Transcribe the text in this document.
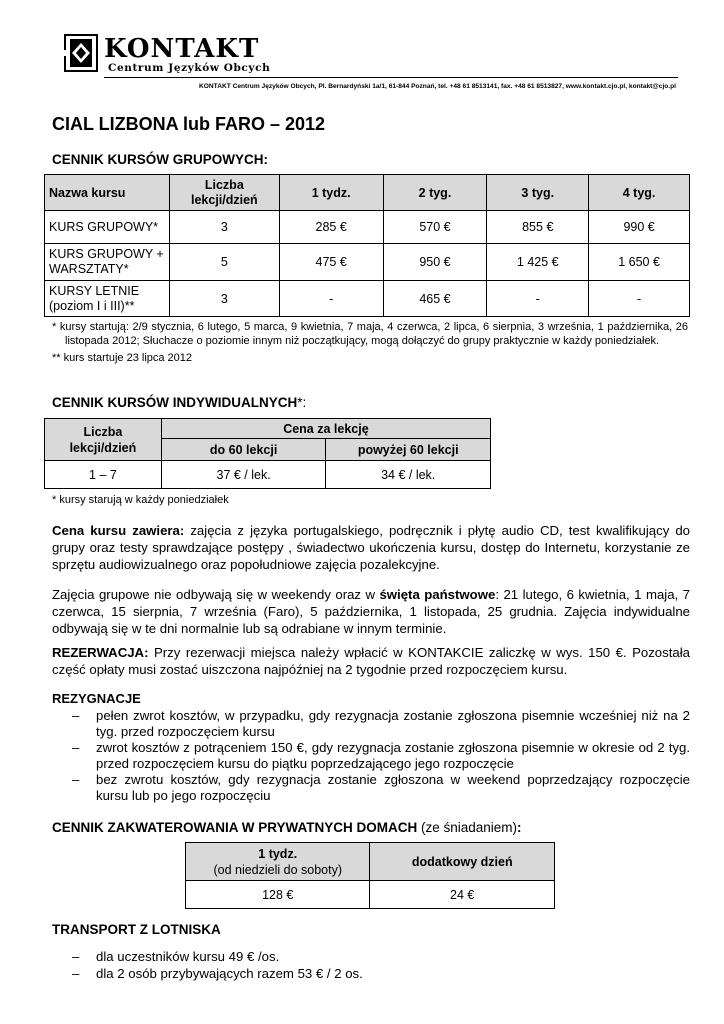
KONTAKT
Centrum Języków Obcych
KONTAKT Centrum Języków Obcych, Pl. Bernardyński 1a/1, 61-844 Poznań, tel. +48 61 8513141, fax. +48 61 8513827, www.kontakt.cjo.pl, kontakt@cjo.pl
CIAL LIZBONA lub FARO – 2012
CENNIK KURSÓW GRUPOWYCH:
Nazwa kursu	Liczba lekcji/dzień	1 tydz.	2 tyg.	3 tyg.	4 tyg.
KURS GRUPOWY*	3	285 €	570 €	855 €	990 €
KURS GRUPOWY + WARSZTATY*	5	475 €	950 €	1 425 €	1 650 €
KURSY LETNIE (poziom I i III)**	3	-	465 €	-	-
* kursy startują: 2/9 stycznia, 6 lutego, 5 marca, 9 kwietnia, 7 maja, 4 czerwca, 2 lipca, 6 sierpnia, 3 września, 1 października, 26 listopada 2012; Słuchacze o poziomie innym niż początkujący, mogą dołączyć do grupy praktycznie w każdy poniedziałek.
** kurs startuje 23 lipca 2012
CENNIK KURSÓW INDYWIDUALNYCH*:
Liczba lekcji/dzień	Cena za lekcję	
	do 60 lekcji	powyżej 60 lekcji
1 – 7	37 € / lek.	34 € / lek.
* kursy starują w każdy poniedziałek

Cena kursu zawiera: zajęcia z języka portugalskiego, podręcznik i płytę audio CD, test kwalifikujący do grupy oraz testy sprawdzające postępy , świadectwo ukończenia kursu, dostęp do Internetu, korzystanie ze sprzętu audiowizualnego oraz popołudniowe zajęcia pozalekcyjne.

Zajęcia grupowe nie odbywają się w weekendy oraz w święta państwowe: 21 lutego, 6 kwietnia, 1 maja, 7 czerwca, 15 sierpnia, 7 września (Faro), 5 października, 1 listopada, 25 grudnia. Zajęcia indywidualne odbywają się w te dni normalnie lub są odrabiane w innym terminie.

REZERWACJA: Przy rezerwacji miejsca należy wpłacić w KONTAKCIE zaliczkę w wys. 150 €. Pozostała część opłaty musi zostać uiszczona najpóźniej na 2 tygodnie przed rozpoczęciem kursu.

REZYGNACJE
– pełen zwrot kosztów, w przypadku, gdy rezygnacja zostanie zgłoszona pisemnie wcześniej niż na 2 tyg. przed rozpoczęciem kursu
– zwrot kosztów z potrąceniem 150 €, gdy rezygnacja zostanie zgłoszona pisemnie w okresie od 2 tyg. przed rozpoczęciem kursu do piątku poprzedzającego jego rozpoczęcie
– bez zwrotu kosztów, gdy rezygnacja zostanie zgłoszona w weekend poprzedzający rozpoczęcie kursu lub po jego rozpoczęciu
CENNIK ZAKWATEROWANIA W PRYWATNYCH DOMACH (ze śniadaniem):
1 tydz.
(od niedzieli do soboty)	dodatkowy dzień
128 €	24 €
TRANSPORT Z LOTNISKA
– dla uczestników kursu 49 € /os.
– dla 2 osób przybywających razem 53 € / 2 os.
